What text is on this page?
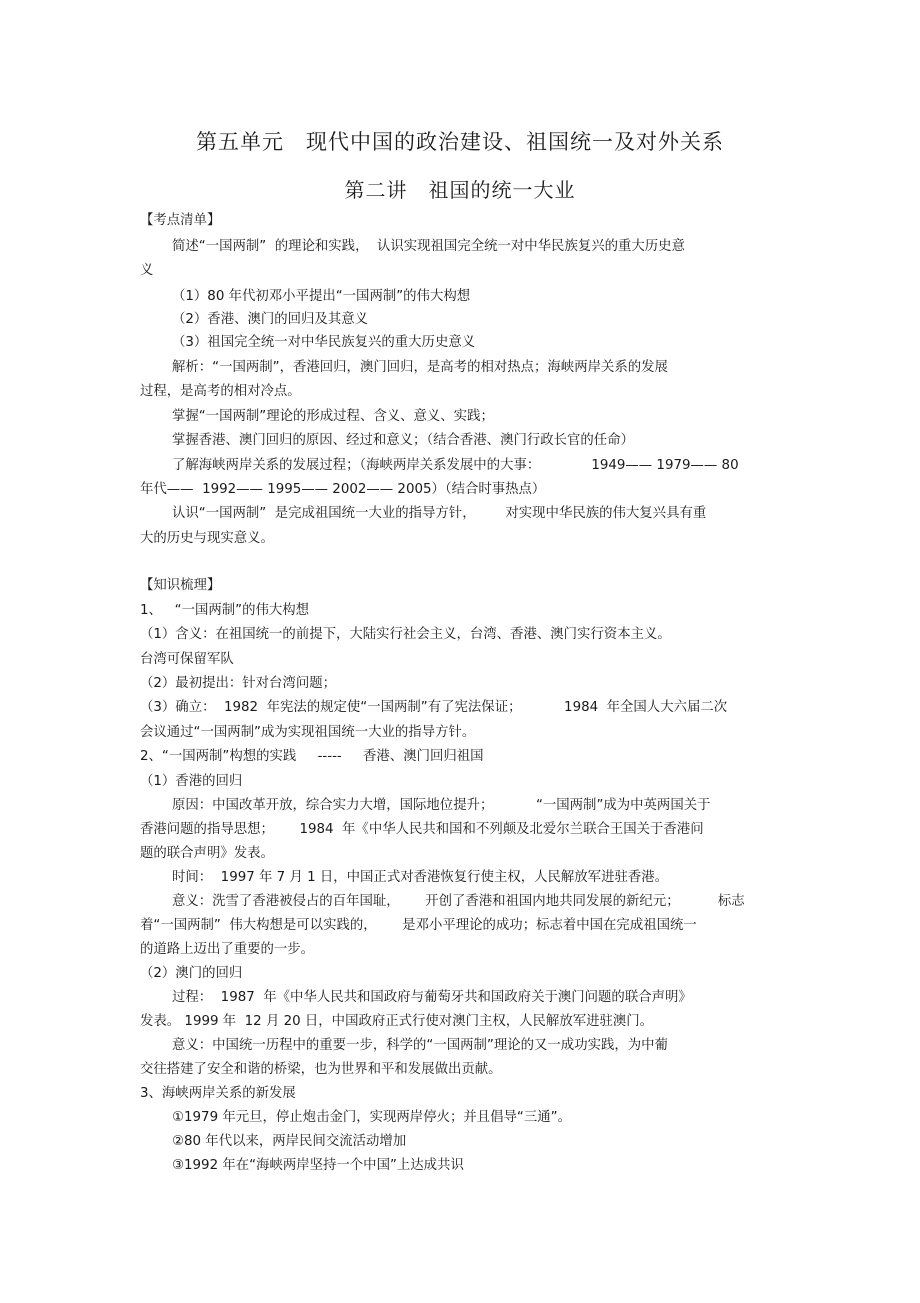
第五单元　现代中国的政治建设、祖国统一及对外关系
第二讲　祖国的统一大业
【考点清单】
简述“一国两制”  的理论和实践，  认识实现祖国完全统一对中华民族复兴的重大历史意
义
（1）80 年代初邓小平提出“一国两制”的伟大构想
（2）香港、澳门的回归及其意义
（3）祖国完全统一对中华民族复兴的重大历史意义
解析：“一国两制”，香港回归，澳门回归，是高考的相对热点；海峡两岸关系的发展
过程，是高考的相对冷点。
掌握“一国两制”理论的形成过程、含义、意义、实践；
掌握香港、澳门回归的原因、经过和意义；（结合香港、澳门行政长官的任命）
了解海峡两岸关系的发展过程；（海峡两岸关系发展中的大事：            1949—— 1979—— 80
年代——  1992—— 1995—— 2002—— 2005）（结合时事热点）
认识“一国两制”  是完成祖国统一大业的指导方针，       对实现中华民族的伟大复兴具有重
大的历史与现实意义。
【知识梳理】
1、   “一国两制”的伟大构想
（1）含义：在祖国统一的前提下，大陆实行社会主义，台湾、香港、澳门实行资本主义。
台湾可保留军队
（2）最初提出：针对台湾问题；
（3）确立：  1982  年宪法的规定使“一国两制”有了宪法保证；          1984  年全国人大六届二次
会议通过“一国两制”成为实现祖国统一大业的指导方针。
2、“一国两制”构想的实践     -----     香港、澳门回归祖国
（1）香港的回归
原因：中国改革开放，综合实力大增，国际地位提升；          “一国两制”成为中英两国关于
香港问题的指导思想；      1984  年《中华人民共和国和不列颠及北爱尔兰联合王国关于香港问
题的联合声明》发表。
时间：  1997 年 7 月 1 日，中国正式对香港恢复行使主权，人民解放军进驻香港。
意义：洗雪了香港被侵占的百年国耻，      开创了香港和祖国内地共同发展的新纪元；         标志
着“一国两制”  伟大构想是可以实践的，      是邓小平理论的成功；标志着中国在完成祖国统一
的道路上迈出了重要的一步。
（2）澳门的回归
过程：  1987  年《中华人民共和国政府与葡萄牙共和国政府关于澳门问题的联合声明》
发表。 1999 年  12 月 20 日，中国政府正式行使对澳门主权，人民解放军进驻澳门。
意义：中国统一历程中的重要一步，科学的“一国两制”理论的又一成功实践，为中葡
交往搭建了安全和谐的桥梁，也为世界和平和发展做出贡献。
3、海峡两岸关系的新发展
①1979 年元旦，停止炮击金门，实现两岸停火；并且倡导“三通”。
②80 年代以来，两岸民间交流活动增加
③1992 年在“海峡两岸坚持一个中国”上达成共识
